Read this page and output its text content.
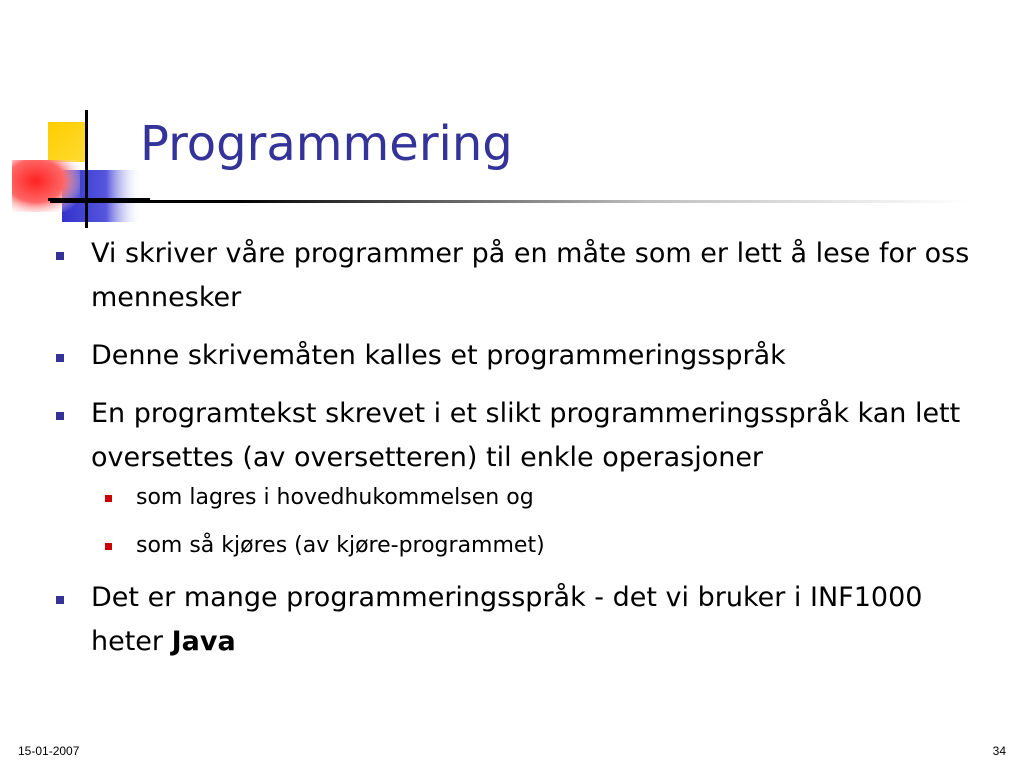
Programmering
Vi skriver våre programmer på en måte som er lett å lese for oss mennesker
Denne skrivemåten kalles et programmeringsspråk
En programtekst skrevet i et slikt programmeringsspråk kan lett oversettes (av oversetteren) til enkle operasjoner
som lagres i hovedhukommelsen og
som så kjøres (av kjøre-programmet)
Det er mange programmeringsspråk - det vi bruker i INF1000 heter Java
15-01-2007	34
